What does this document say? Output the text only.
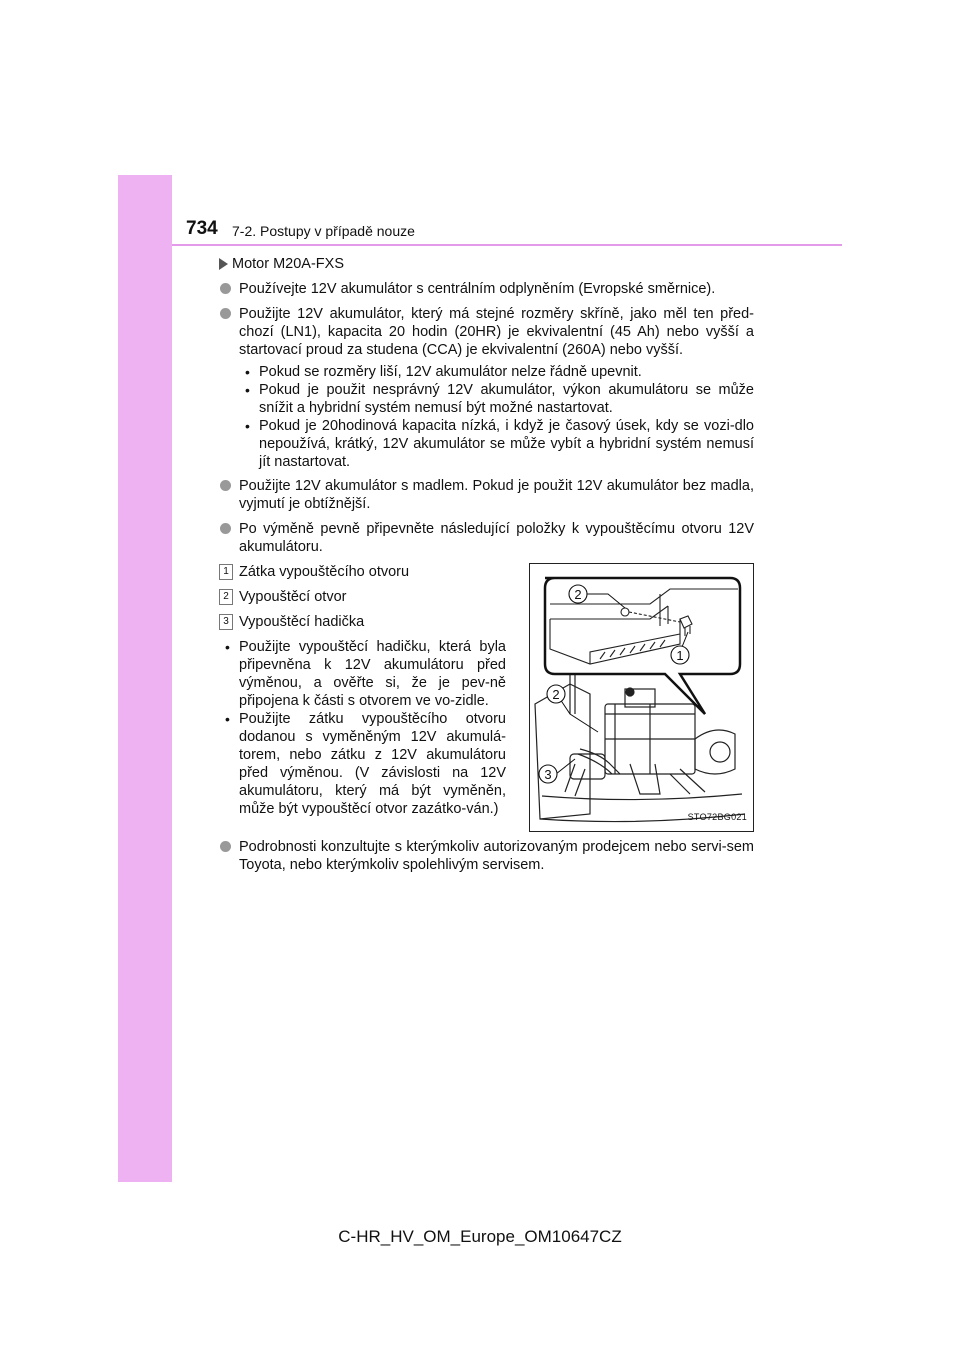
734 7-2. Postupy v případě nouze
Motor M20A-FXS
Používejte 12V akumulátor s centrálním odplyněním (Evropské směrnice).
Použijte 12V akumulátor, který má stejné rozměry skříně, jako měl ten před-chozí (LN1), kapacita 20 hodin (20HR) je ekvivalentní (45 Ah) nebo vyšší a startovací proud za studena (CCA) je ekvivalentní (260A) nebo vyšší.
• Pokud se rozměry liší, 12V akumulátor nelze řádně upevnit.
• Pokud je použit nesprávný 12V akumulátor, výkon akumulátoru se může snížit a hybridní systém nemusí být možné nastartovat.
• Pokud je 20hodinová kapacita nízká, i když je časový úsek, kdy se vozi-dlo nepoužívá, krátký, 12V akumulátor se může vybít a hybridní systém nemusí jít nastartovat.
Použijte 12V akumulátor s madlem. Pokud je použit 12V akumulátor bez madla, vyjmutí je obtížnější.
Po výměně pevně připevněte následující položky k vypouštěcímu otvoru 12V akumulátoru.
1 Zátka vypouštěcího otvoru
2 Vypouštěcí otvor
3 Vypouštěcí hadička
• Použijte vypouštěcí hadičku, která byla připevněna k 12V akumulátoru před výměnou, a ověřte si, že je pev-ně připojena k části s otvorem ve vo-zidle.
• Použijte zátku vypouštěcího otvoru dodanou s vyměněným 12V akumulá-torem, nebo zátku z 12V akumulátoru před výměnou. (V závislosti na 12V akumulátoru, který má být vyměněn, může být vypouštěcí otvor zazátko-ván.)
2
1
2
3
STO72BG021
Podrobnosti konzultujte s kterýmkoliv autorizovaným prodejcem nebo servi-sem Toyota, nebo kterýmkoliv spolehlivým servisem.
C-HR_HV_OM_Europe_OM10647CZ
